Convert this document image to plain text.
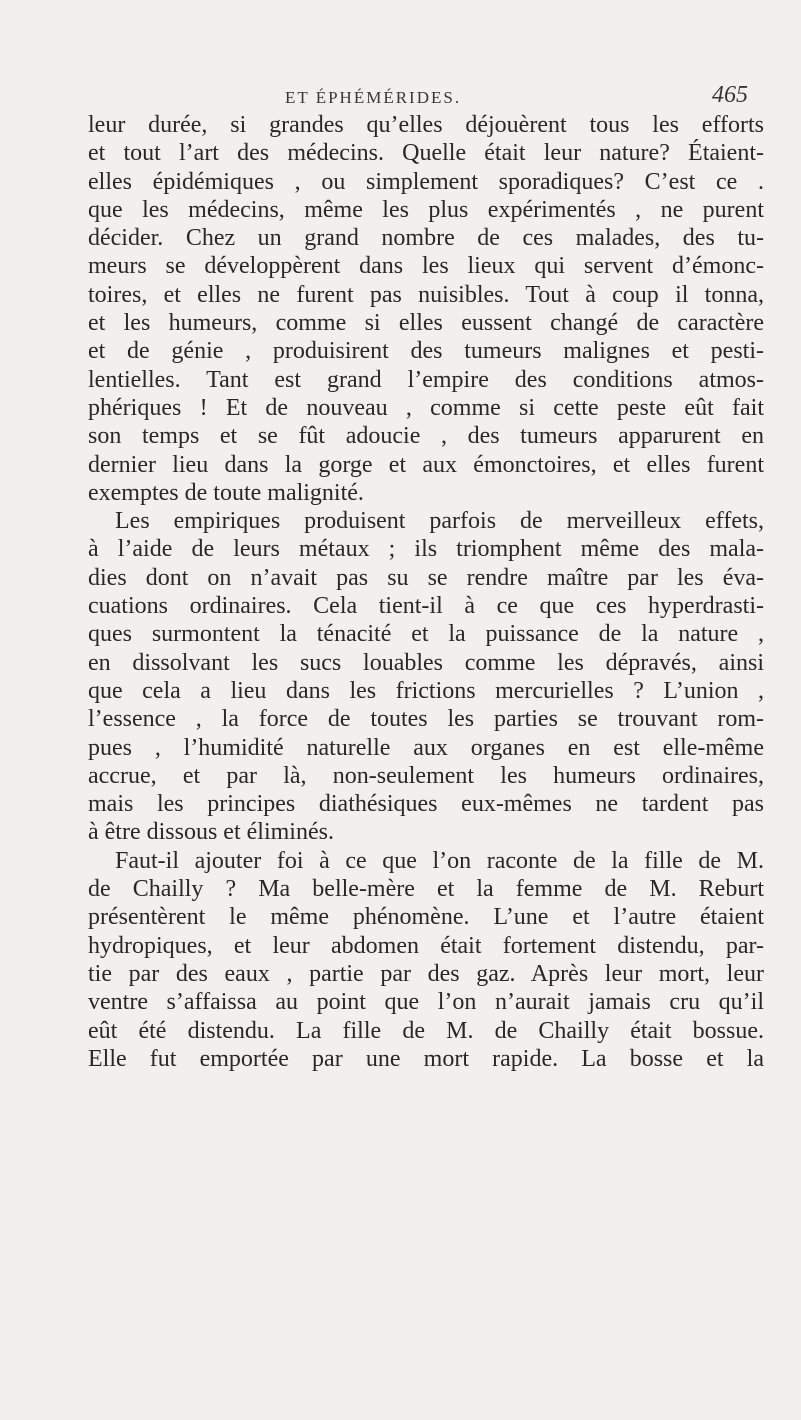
ET ÉPHÉMÉRIDES.	465
leur durée, si grandes qu’elles déjouèrent tous les efforts
et tout l’art des médecins. Quelle était leur nature? Étaient-
elles épidémiques , ou simplement sporadiques? C’est ce .
que les médecins, même les plus expérimentés , ne purent
décider. Chez un grand nombre de ces malades, des tu-
meurs se développèrent dans les lieux qui servent d’émonc-
toires, et elles ne furent pas nuisibles. Tout à coup il tonna,
et les humeurs, comme si elles eussent changé de caractère
et de génie , produisirent des tumeurs malignes et pesti-
lentielles. Tant est grand l’empire des conditions atmos-
phériques ! Et de nouveau , comme si cette peste eût fait
son temps et se fût adoucie , des tumeurs apparurent en
dernier lieu dans la gorge et aux émonctoires, et elles furent
exemptes de toute malignité.
Les empiriques produisent parfois de merveilleux effets,
à l’aide de leurs métaux ; ils triomphent même des mala-
dies dont on n’avait pas su se rendre maître par les éva-
cuations ordinaires. Cela tient-il à ce que ces hyperdrasti-
ques surmontent la ténacité et la puissance de la nature ,
en dissolvant les sucs louables comme les dépravés, ainsi
que cela a lieu dans les frictions mercurielles ? L’union ,
l’essence , la force de toutes les parties se trouvant rom-
pues , l’humidité naturelle aux organes en est elle-même
accrue, et par là, non-seulement les humeurs ordinaires,
mais les principes diathésiques eux-mêmes ne tardent pas
à être dissous et éliminés.
Faut-il ajouter foi à ce que l’on raconte de la fille de M.
de Chailly ? Ma belle-mère et la femme de M. Reburt
présentèrent le même phénomène. L’une et l’autre étaient
hydropiques, et leur abdomen était fortement distendu, par-
tie par des eaux , partie par des gaz. Après leur mort, leur
ventre s’affaissa au point que l’on n’aurait jamais cru qu’il
eût été distendu. La fille de M. de Chailly était bossue.
Elle fut emportée par une mort rapide. La bosse et la
